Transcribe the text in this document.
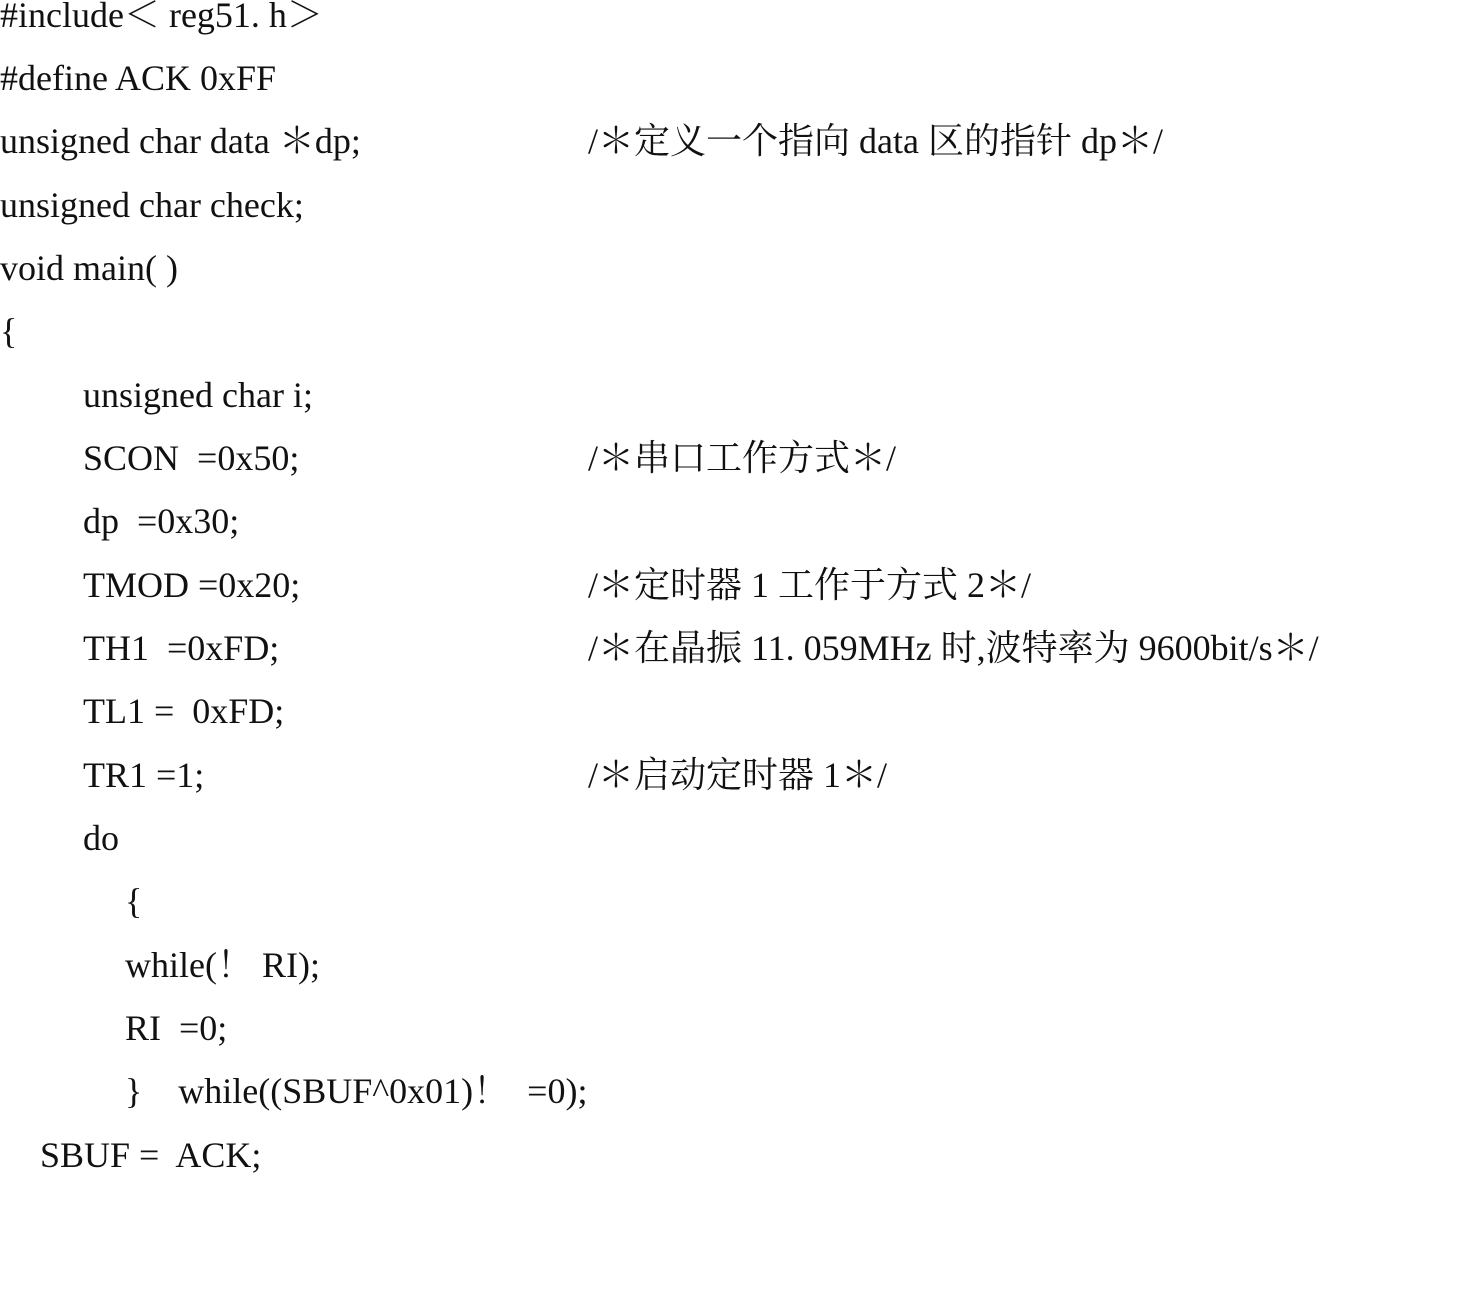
#include＜ reg51. h＞

#define ACK 0xFF

unsigned char data ＊dp;

	/＊定义一个指向 data 区的指针 dp＊/

unsigned char check;

void main( )

{

unsigned char i;

SCON  =0x50;

	/＊串口工作方式＊/

dp  =0x30;

TMOD =0x20;

	/＊定时器 1 工作于方式 2＊/

TH1  =0xFD;

	/＊在晶振 11. 059MHz 时,波特率为 9600bit/s＊/

TL1 =  0xFD;

TR1 =1;

	/＊启动定时器 1＊/

do

{

while(！ RI);

RI  =0;

}    while((SBUF^0x01)！  =0);

SBUF =  ACK;
